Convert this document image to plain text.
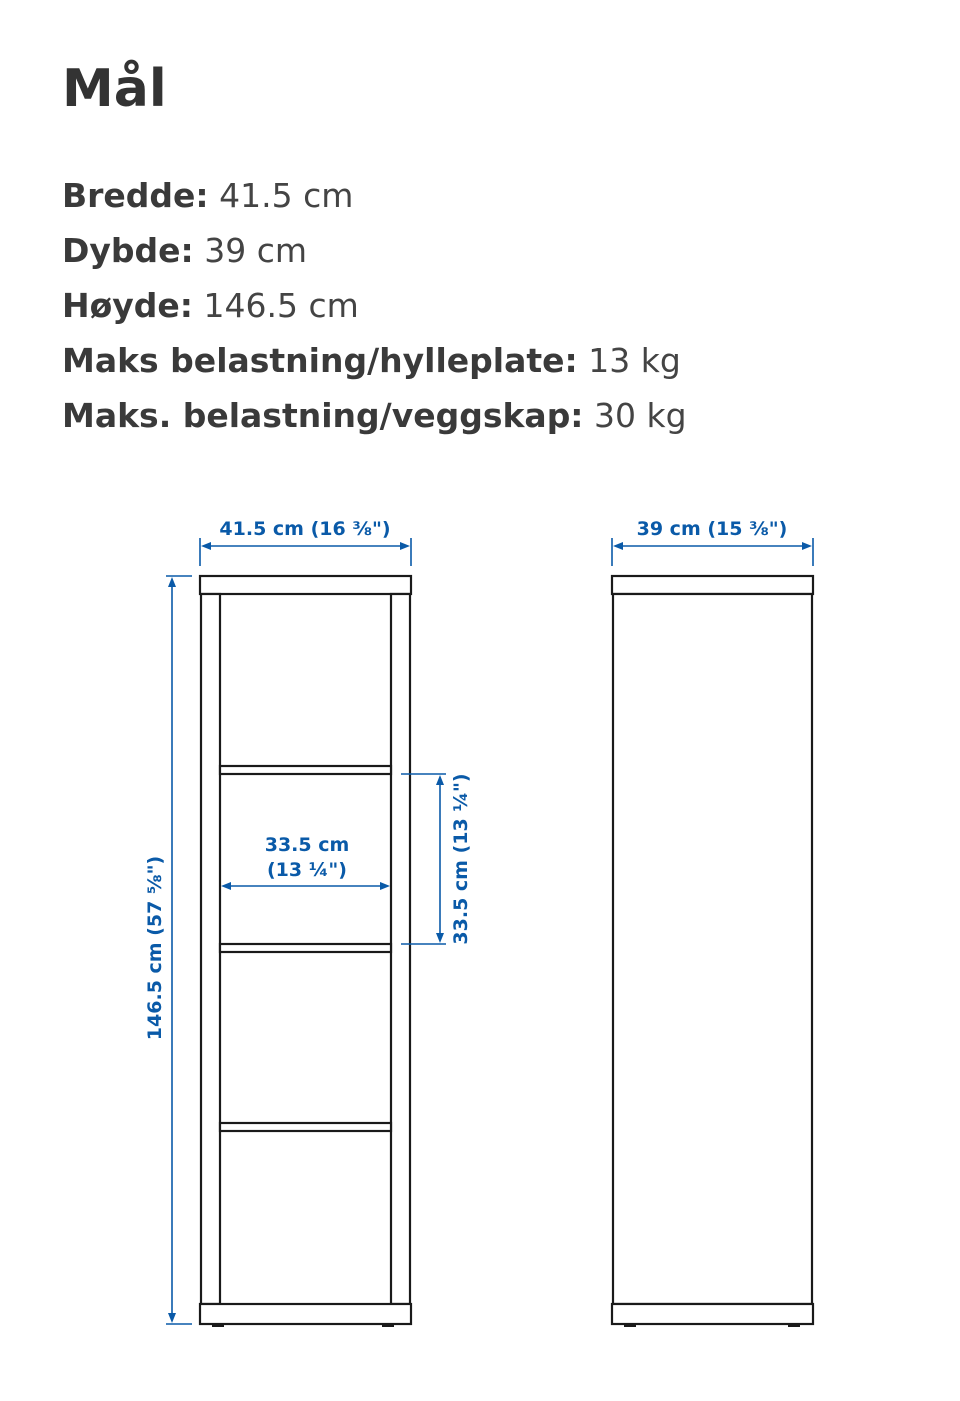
Mål
Bredde: 41.5 cm
Dybde: 39 cm
Høyde: 146.5 cm
Maks belastning/hylleplate: 13 kg
Maks. belastning/veggskap: 30 kg
41.5 cm (16 ⅜")
146.5 cm (57 ⅝")
33.5 cm
(13 ¼")	33.5 cm (13 ¼")
39 cm (15 ⅜")
